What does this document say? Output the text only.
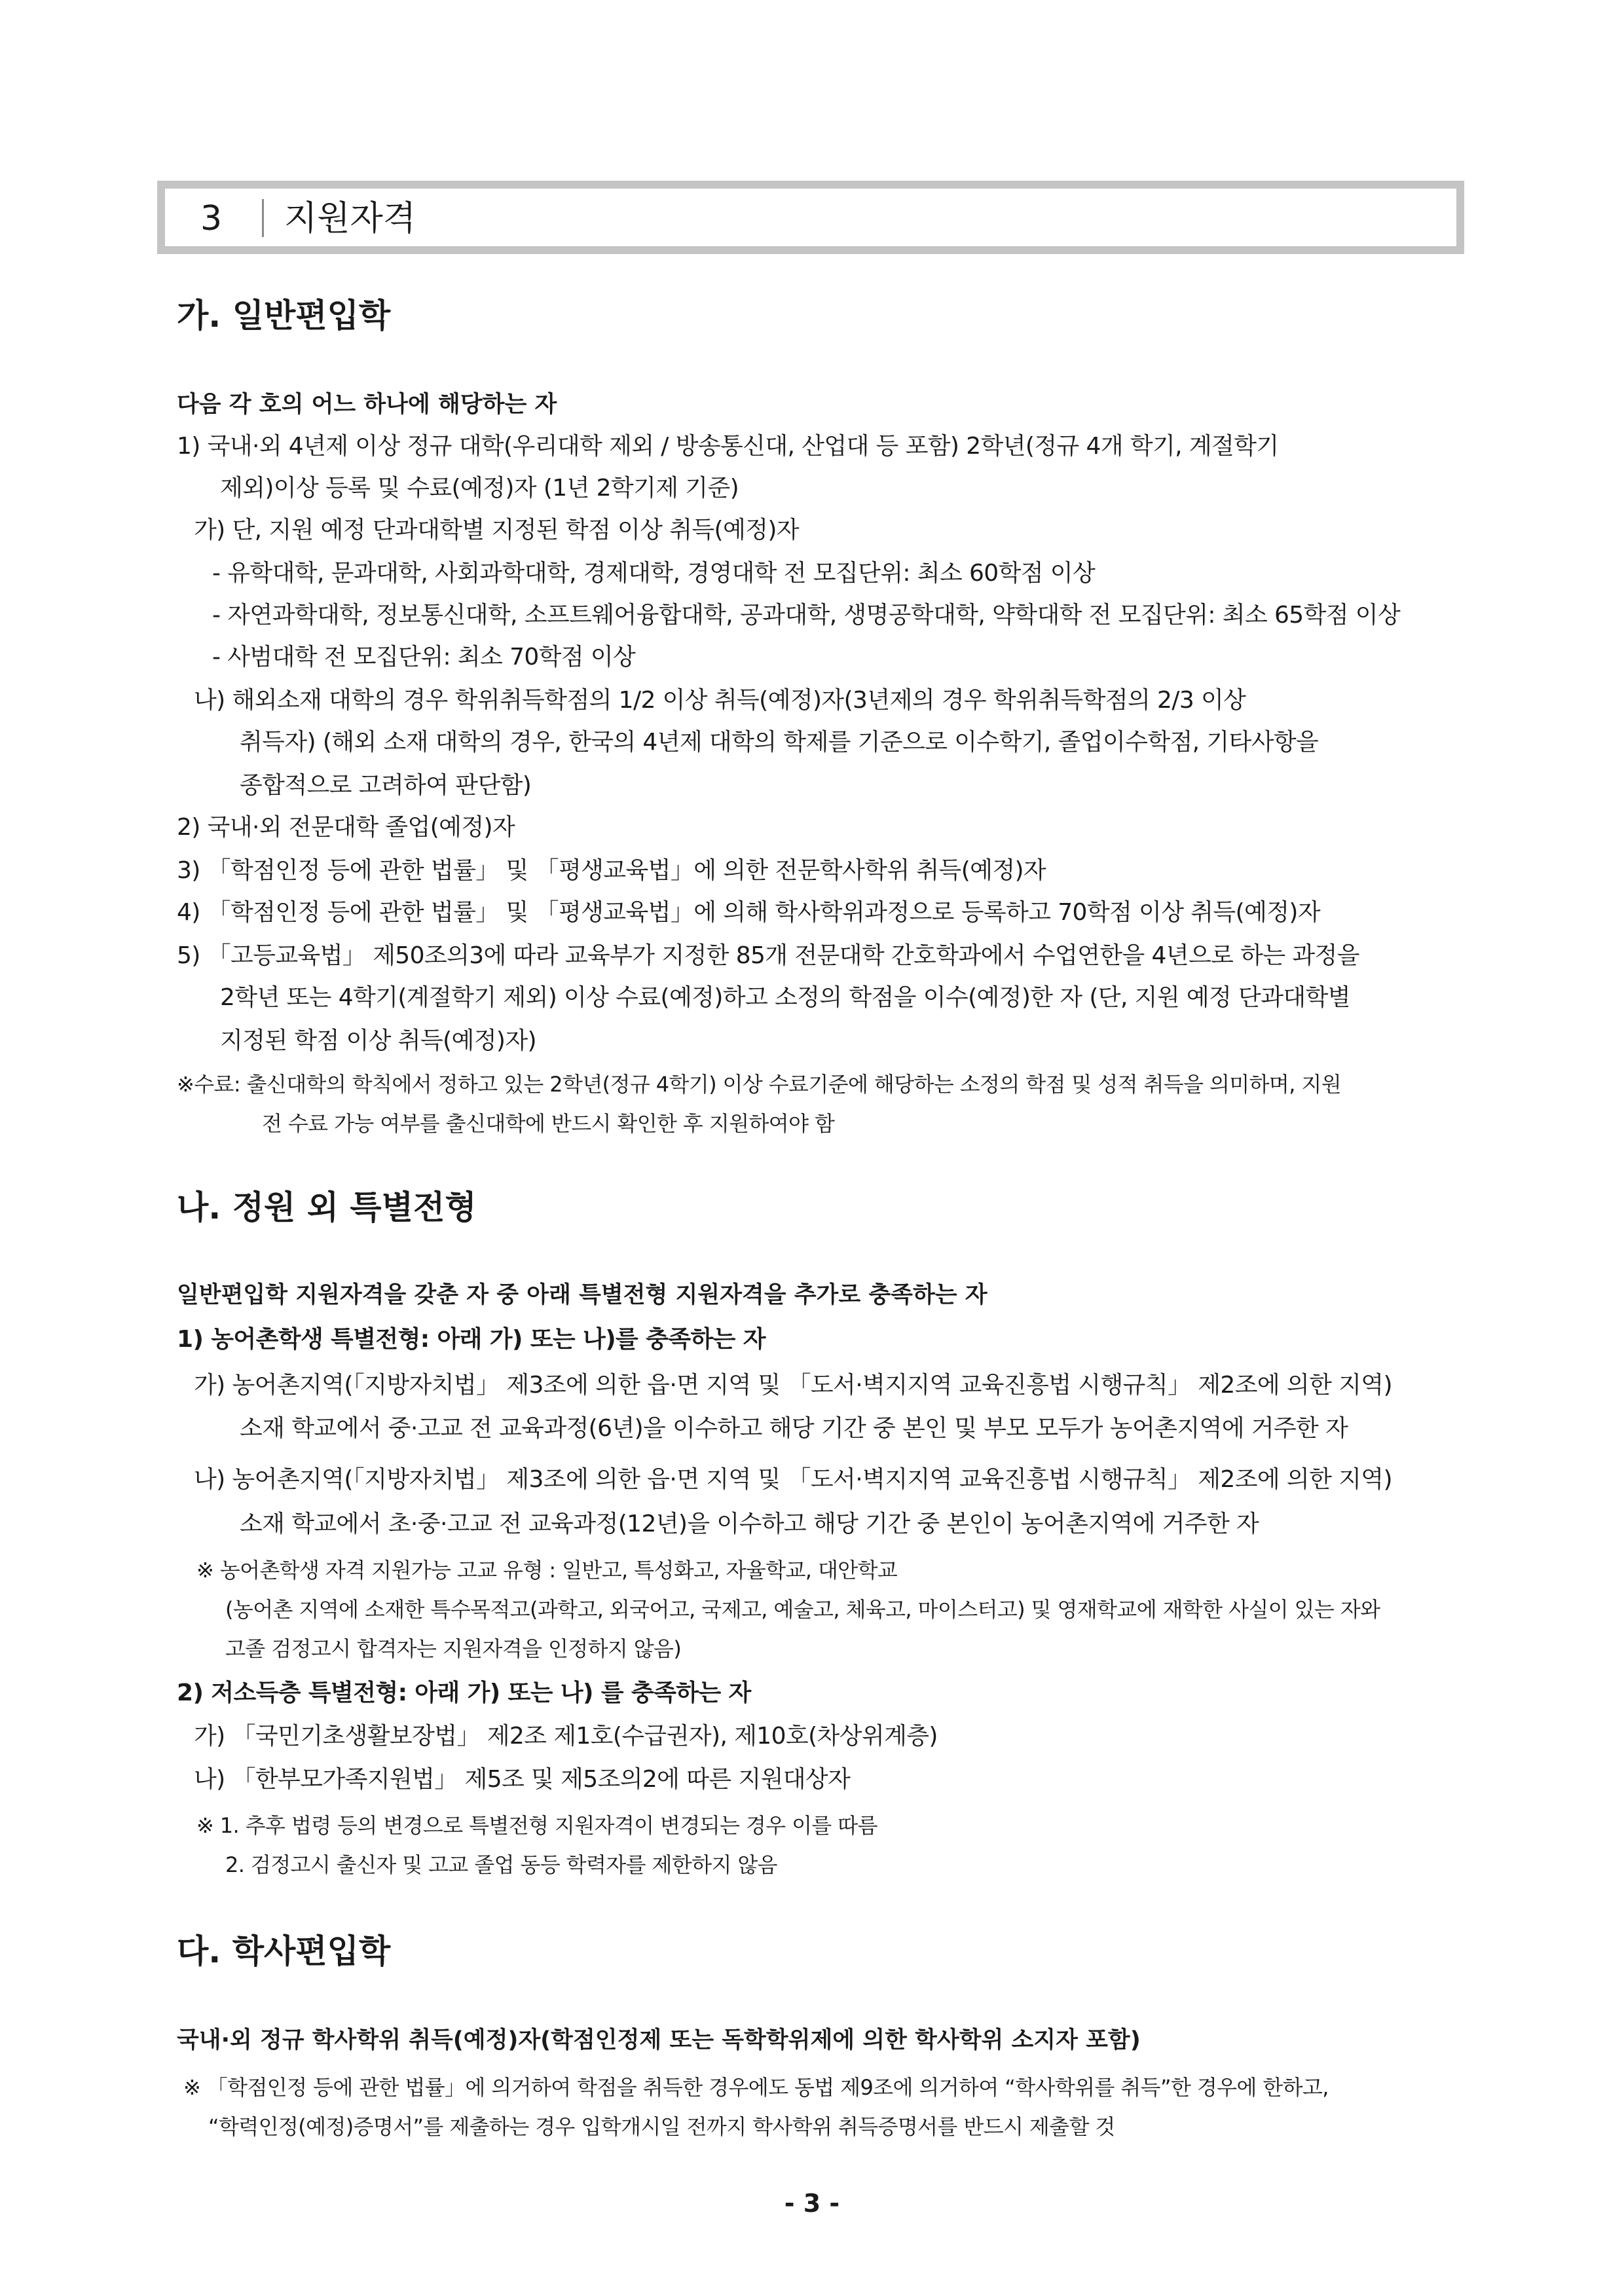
3 지원자격
가. 일반편입학
다음 각 호의 어느 하나에 해당하는 자
1) 국내·외 4년제 이상 정규 대학(우리대학 제외 / 방송통신대, 산업대 등 포함) 2학년(정규 4개 학기, 계절학기
제외)이상 등록 및 수료(예정)자 (1년 2학기제 기준)
가) 단, 지원 예정 단과대학별 지정된 학점 이상 취득(예정)자
- 유학대학, 문과대학, 사회과학대학, 경제대학, 경영대학 전 모집단위: 최소 60학점 이상
- 자연과학대학, 정보통신대학, 소프트웨어융합대학, 공과대학, 생명공학대학, 약학대학 전 모집단위: 최소 65학점 이상
- 사범대학 전 모집단위: 최소 70학점 이상
나) 해외소재 대학의 경우 학위취득학점의 1/2 이상 취득(예정)자(3년제의 경우 학위취득학점의 2/3 이상
취득자) (해외 소재 대학의 경우, 한국의 4년제 대학의 학제를 기준으로 이수학기, 졸업이수학점, 기타사항을
종합적으로 고려하여 판단함)
2) 국내·외 전문대학 졸업(예정)자
3) 「학점인정 등에 관한 법률」 및 「평생교육법」에 의한 전문학사학위 취득(예정)자
4) 「학점인정 등에 관한 법률」 및 「평생교육법」에 의해 학사학위과정으로 등록하고 70학점 이상 취득(예정)자
5) 「고등교육법」 제50조의3에 따라 교육부가 지정한 85개 전문대학 간호학과에서 수업연한을 4년으로 하는 과정을
2학년 또는 4학기(계절학기 제외) 이상 수료(예정)하고 소정의 학점을 이수(예정)한 자 (단, 지원 예정 단과대학별
지정된 학점 이상 취득(예정)자)
※수료: 출신대학의 학칙에서 정하고 있는 2학년(정규 4학기) 이상 수료기준에 해당하는 소정의 학점 및 성적 취득을 의미하며, 지원
전 수료 가능 여부를 출신대학에 반드시 확인한 후 지원하여야 함
나. 정원 외 특별전형
일반편입학 지원자격을 갖춘 자 중 아래 특별전형 지원자격을 추가로 충족하는 자
1) 농어촌학생 특별전형: 아래 가) 또는 나)를 충족하는 자
가) 농어촌지역(「지방자치법」 제3조에 의한 읍·면 지역 및 「도서·벽지지역 교육진흥법 시행규칙」 제2조에 의한 지역)
소재 학교에서 중·고교 전 교육과정(6년)을 이수하고 해당 기간 중 본인 및 부모 모두가 농어촌지역에 거주한 자
나) 농어촌지역(「지방자치법」 제3조에 의한 읍·면 지역 및 「도서·벽지지역 교육진흥법 시행규칙」 제2조에 의한 지역)
소재 학교에서 초·중·고교 전 교육과정(12년)을 이수하고 해당 기간 중 본인이 농어촌지역에 거주한 자
※ 농어촌학생 자격 지원가능 고교 유형 : 일반고, 특성화고, 자율학교, 대안학교
(농어촌 지역에 소재한 특수목적고(과학고, 외국어고, 국제고, 예술고, 체육고, 마이스터고) 및 영재학교에 재학한 사실이 있는 자와
고졸 검정고시 합격자는 지원자격을 인정하지 않음)
2) 저소득층 특별전형: 아래 가) 또는 나) 를 충족하는 자
가) 「국민기초생활보장법」 제2조 제1호(수급권자), 제10호(차상위계층)
나) 「한부모가족지원법」 제5조 및 제5조의2에 따른 지원대상자
※ 1. 추후 법령 등의 변경으로 특별전형 지원자격이 변경되는 경우 이를 따름
2. 검정고시 출신자 및 고교 졸업 동등 학력자를 제한하지 않음
다. 학사편입학
국내·외 정규 학사학위 취득(예정)자(학점인정제 또는 독학학위제에 의한 학사학위 소지자 포함)
※ 「학점인정 등에 관한 법률」에 의거하여 학점을 취득한 경우에도 동법 제9조에 의거하여 “학사학위를 취득”한 경우에 한하고,
“학력인정(예정)증명서”를 제출하는 경우 입학개시일 전까지 학사학위 취득증명서를 반드시 제출할 것
- 3 -
